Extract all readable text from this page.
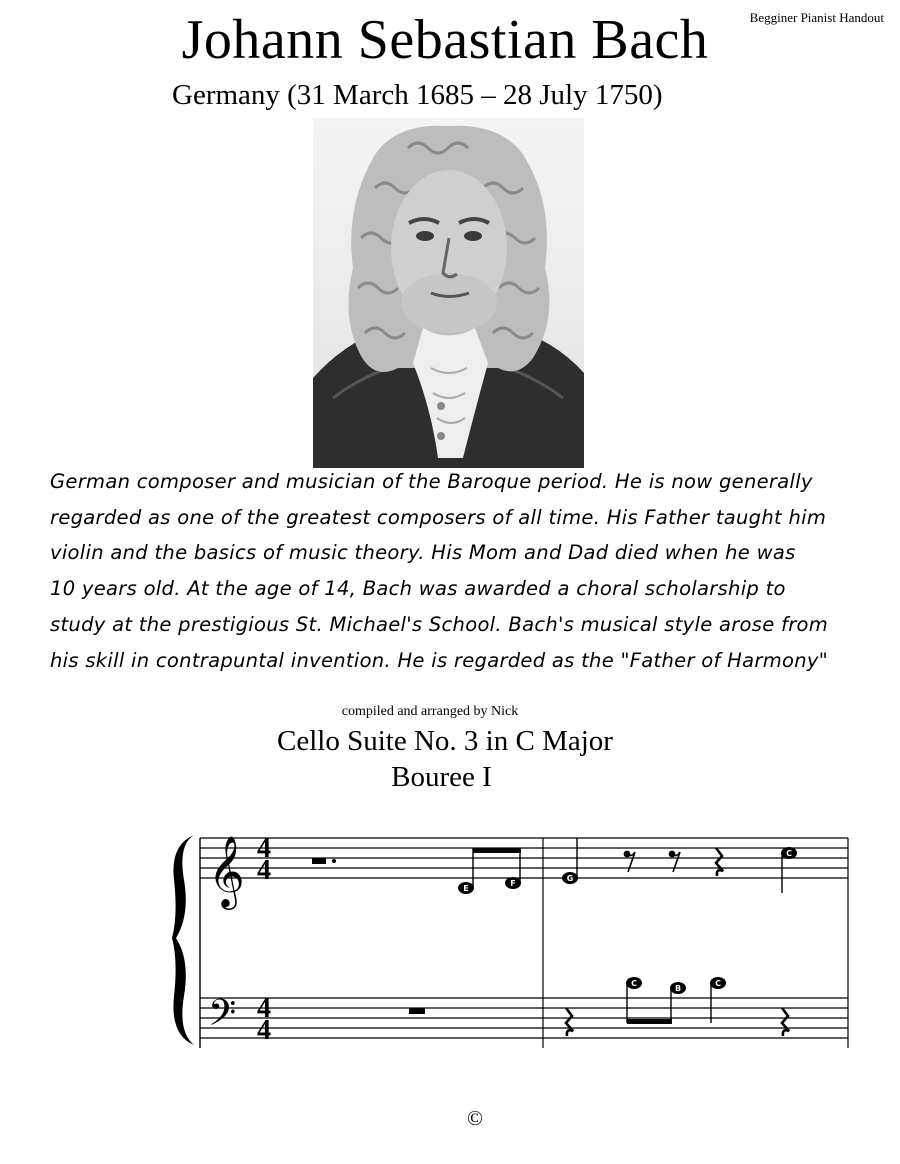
Begginer Pianist Handout
Johann Sebastian Bach
Germany (31 March 1685 – 28 July 1750)
German composer and musician of the Baroque period. He is now generally
regarded as one of the greatest composers of all time. His Father taught him
violin and the basics of music theory. His Mom and Dad died when he was
10 years old. At the age of 14, Bach was awarded a choral scholarship to
study at the prestigious St. Michael's School. Bach's musical style arose from
his skill in contrapuntal invention. He is regarded as the "Father of Harmony"
compiled and arranged by Nick
Cello Suite No. 3 in C Major
Bouree I
𝄞
𝄢
4
4
4
4
E
F
G
C
C
B
C
©
